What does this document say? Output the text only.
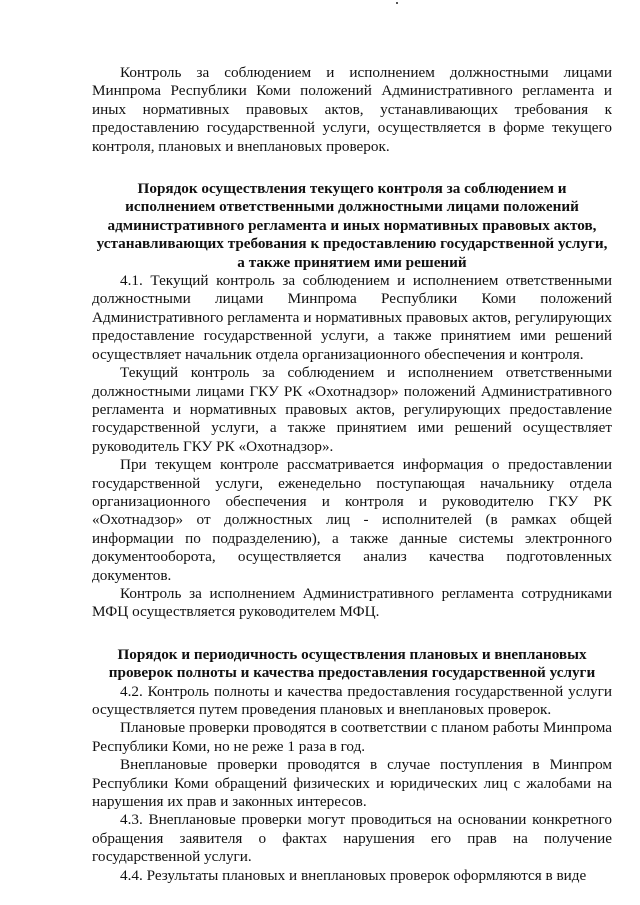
Контроль за соблюдением и исполнением должностными лицами Минпрома Республики Коми положений Административного регламента и иных нормативных правовых актов, устанавливающих требования к предоставлению государственной услуги, осуществляется в форме текущего контроля, плановых и внеплановых проверок.

Порядок осуществления текущего контроля за соблюдением и исполнением ответственными должностными лицами положений административного регламента и иных нормативных правовых актов, устанавливающих требования к предоставлению государственной услуги, а также принятием ими решений

4.1. Текущий контроль за соблюдением и исполнением ответственными должностными лицами Минпрома Республики Коми положений Административного регламента и нормативных правовых актов, регулирующих предоставление государственной услуги, а также принятием ими решений осуществляет начальник отдела организационного обеспечения и контроля.

Текущий контроль за соблюдением и исполнением ответственными должностными лицами ГКУ РК «Охотнадзор» положений Административного регламента и нормативных правовых актов, регулирующих предоставление государственной услуги, а также принятием ими решений осуществляет руководитель ГКУ РК «Охотнадзор».

При текущем контроле рассматривается информация о предоставлении государственной услуги, еженедельно поступающая начальнику отдела организационного обеспечения и контроля и руководителю ГКУ РК «Охотнадзор» от должностных лиц - исполнителей (в рамках общей информации по подразделению), а также данные системы электронного документооборота, осуществляется анализ качества подготовленных документов.

Контроль за исполнением Административного регламента сотрудниками МФЦ осуществляется руководителем МФЦ.

Порядок и периодичность осуществления плановых и внеплановых проверок полноты и качества предоставления государственной услуги

4.2. Контроль полноты и качества предоставления государственной услуги осуществляется путем проведения плановых и внеплановых проверок.

Плановые проверки проводятся в соответствии с планом работы Минпрома Республики Коми, но не реже 1 раза в год.

Внеплановые проверки проводятся в случае поступления в Минпром Республики Коми обращений физических и юридических лиц с жалобами на нарушения их прав и законных интересов.

4.3. Внеплановые проверки могут проводиться на основании конкретного обращения заявителя о фактах нарушения его прав на получение государственной услуги.

4.4. Результаты плановых и внеплановых проверок оформляются в виде
